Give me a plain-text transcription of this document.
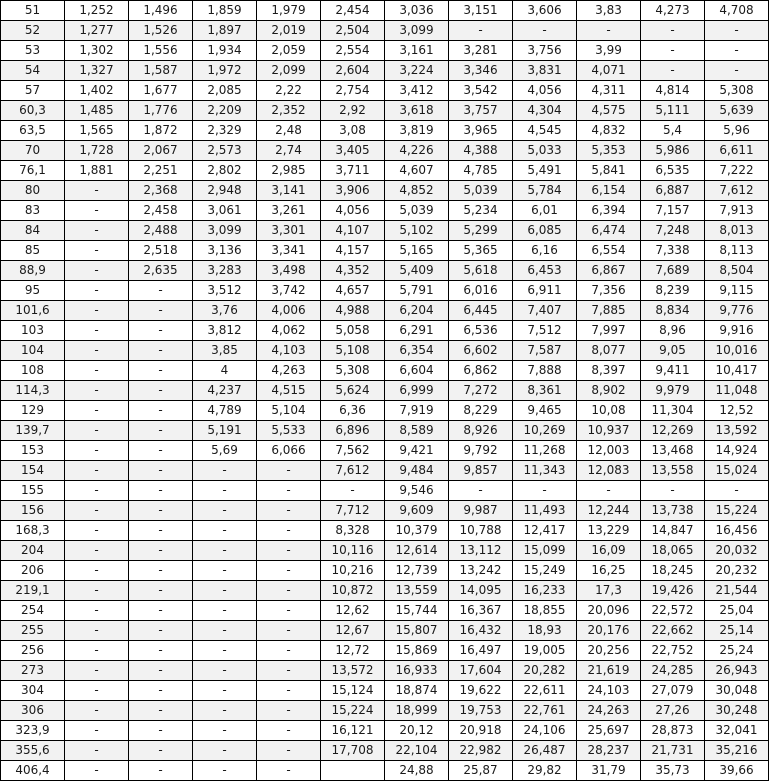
51	1,252	1,496	1,859	1,979	2,454	3,036	3,151	3,606	3,83	4,273	4,708
52	1,277	1,526	1,897	2,019	2,504	3,099	-	-	-	-	-
53	1,302	1,556	1,934	2,059	2,554	3,161	3,281	3,756	3,99	-	-
54	1,327	1,587	1,972	2,099	2,604	3,224	3,346	3,831	4,071	-	-
57	1,402	1,677	2,085	2,22	2,754	3,412	3,542	4,056	4,311	4,814	5,308
60,3	1,485	1,776	2,209	2,352	2,92	3,618	3,757	4,304	4,575	5,111	5,639
63,5	1,565	1,872	2,329	2,48	3,08	3,819	3,965	4,545	4,832	5,4	5,96
70	1,728	2,067	2,573	2,74	3,405	4,226	4,388	5,033	5,353	5,986	6,611
76,1	1,881	2,251	2,802	2,985	3,711	4,607	4,785	5,491	5,841	6,535	7,222
80	-	2,368	2,948	3,141	3,906	4,852	5,039	5,784	6,154	6,887	7,612
83	-	2,458	3,061	3,261	4,056	5,039	5,234	6,01	6,394	7,157	7,913
84	-	2,488	3,099	3,301	4,107	5,102	5,299	6,085	6,474	7,248	8,013
85	-	2,518	3,136	3,341	4,157	5,165	5,365	6,16	6,554	7,338	8,113
88,9	-	2,635	3,283	3,498	4,352	5,409	5,618	6,453	6,867	7,689	8,504
95	-	-	3,512	3,742	4,657	5,791	6,016	6,911	7,356	8,239	9,115
101,6	-	-	3,76	4,006	4,988	6,204	6,445	7,407	7,885	8,834	9,776
103	-	-	3,812	4,062	5,058	6,291	6,536	7,512	7,997	8,96	9,916
104	-	-	3,85	4,103	5,108	6,354	6,602	7,587	8,077	9,05	10,016
108	-	-	4	4,263	5,308	6,604	6,862	7,888	8,397	9,411	10,417
114,3	-	-	4,237	4,515	5,624	6,999	7,272	8,361	8,902	9,979	11,048
129	-	-	4,789	5,104	6,36	7,919	8,229	9,465	10,08	11,304	12,52
139,7	-	-	5,191	5,533	6,896	8,589	8,926	10,269	10,937	12,269	13,592
153	-	-	5,69	6,066	7,562	9,421	9,792	11,268	12,003	13,468	14,924
154	-	-	-	-	7,612	9,484	9,857	11,343	12,083	13,558	15,024
155	-	-	-	-	-	9,546	-	-	-	-	-
156	-	-	-	-	7,712	9,609	9,987	11,493	12,244	13,738	15,224
168,3	-	-	-	-	8,328	10,379	10,788	12,417	13,229	14,847	16,456
204	-	-	-	-	10,116	12,614	13,112	15,099	16,09	18,065	20,032
206	-	-	-	-	10,216	12,739	13,242	15,249	16,25	18,245	20,232
219,1	-	-	-	-	10,872	13,559	14,095	16,233	17,3	19,426	21,544
254	-	-	-	-	12,62	15,744	16,367	18,855	20,096	22,572	25,04
255	-	-	-	-	12,67	15,807	16,432	18,93	20,176	22,662	25,14
256	-	-	-	-	12,72	15,869	16,497	19,005	20,256	22,752	25,24
273	-	-	-	-	13,572	16,933	17,604	20,282	21,619	24,285	26,943
304	-	-	-	-	15,124	18,874	19,622	22,611	24,103	27,079	30,048
306	-	-	-	-	15,224	18,999	19,753	22,761	24,263	27,26	30,248
323,9	-	-	-	-	16,121	20,12	20,918	24,106	25,697	28,873	32,041
355,6	-	-	-	-	17,708	22,104	22,982	26,487	28,237	21,731	35,216
406,4	-	-	-	-		24,88	25,87	29,82	31,79	35,73	39,66
